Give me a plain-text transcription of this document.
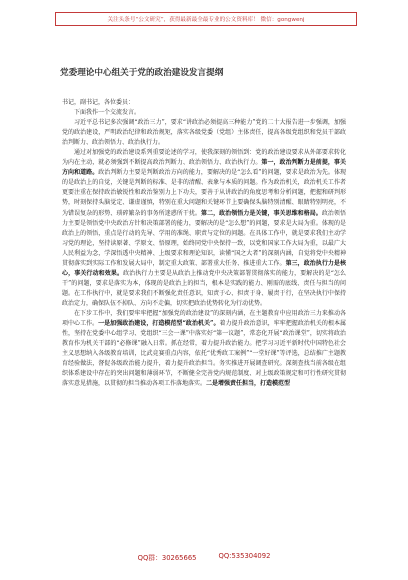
关注头条号“公文研究”，获得最新最全最专业的公文资料库！ 微信：gongwenj
党委理论中心组关于党的政治建设发言提纲

书记，副书记，各位委员：

下面我作一个交流发言。

习近平总书记多次强调“政治三力”，要求“讲政治必须提高三种能力”党的二十大报告进一步强调，加强党的政治建设，严明政治纪律和政治规矩，落实各级党委（党组）主体责任，提高各级党组织和党员干部政治判断力、政治领悟力、政治执行力。

通过对加强党的政治建设系列重要论述的学习，使我深刻的领悟到：党的政治建设要求从外部要求转化为内在主动，就必须强到不断提高政治判断力、政治领悟力、政治执行力。第一，政治判断力是前提，事关方向和道路。政治判断力主要是判断政治方向的能力，要解决的是“怎么看”的问题，要求是政治为先。体现的是政治上的自觉，关键是判断的标准、是非的清醒、表象与本质的问题。作为政治机关，政治机关工作者更要注重在保持政治敏锐性和政治鉴别力上下功夫，要善于从讲政治的角度思考和分析问题，把握和研判形势，时刻保持头脑觉定、谦虚谨慎，特别在重大问题和关键环节上要确保头脑特别清醒、眼睛特别明亮，不为错误复杂的形势、琐碎繁杂的事务所迷惑所干扰。第二，政治领悟力是关键，事关思维和格局。政治领悟力主要是领悟党中央政治方针和决策部署的能力，要解决的是“怎么想”的问题，要求是大局为重。体现的是政治上的领悟，重点是行动的先导、学用的准绳、职责与定位的问题。在具体工作中，就是要求我们主动学习党的理论，坚持读原著、学原文、悟原理，始终同党中央保持一致，以党和国家工作大局为重，以最广大人民利益为念，学深悟透中央精神、上级要求和理论知识，读懂“国之大者”的深刻内涵，自觉将党中央精神贯彻落实到实际工作和发展大局中，制定重大政策、部署重大任务、推进重大工作。第三，政治执行力是核心，事关行动和效果。政治执行力主要是从政治上推动党中央决策部署贯彻落实的能力，要解决的是“怎么干”的问题，要求是落实为本，体现的是政治上的担当，根本是实践的能力、刚需的底线、责任与担当的问题。在工作执行中，就是要求我们不断强化责任意识，知责于心、担责于身、履责于行，在坚决执行中保持政治定力，确保队伍不掉队、方向不走偏，切实把政治优势转化为行动优势。

在下步工作中，我们要牢牢把握“加强党的政治建设”的深刻内涵，在主题教育中应用政治三力来推动各项中心工作。一是加强政治建设，打造模范型“政治机关”。着力提升政治意识，牢牢把握政治机关的根本属性，坚持在党委中心组学习、党组织“三会一课”中落实好“第一议题”，常态化开展“政治课堂”，切实将政治教育作为机关干部的“必修课”融入日常。抓在经常，着力提升政治能力。把学习习近平新时代中国特色社会主义思想纳入各级教育培训，比武竞赛重点内容，依托“优秀政工案例”“一堂好课”等评选，总结推广主题教育经验做法，督促各级政治能力提升，着力提升政治担当。务实推进开展调查研究。深刻查找当前各级在组织体系建设中存在的突出问题和薄弱环节，不断健全完善党内规范制度、对上级政策规定和可行性研究贯彻落实意见措施，以贯彻的担当推动各项工作落地落实。二是增强责任担当，打造模范型

QQ群：30265665	QQ:535304092
